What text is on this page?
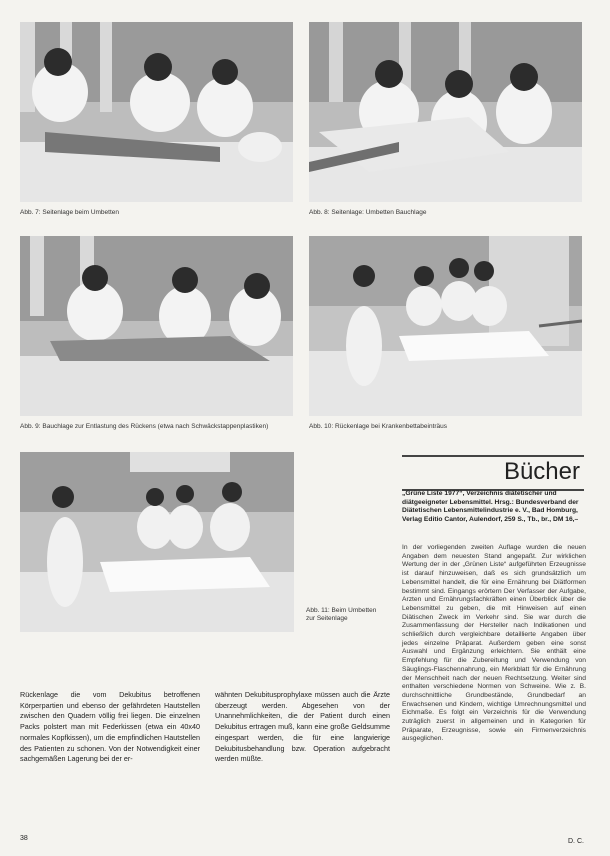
Abb. 7: Seitenlage beim Umbetten	Abb. 8: Seitenlage: Umbetten Bauchlage
Abb. 9: Bauchlage zur Entlastung des Rückens (etwa nach Schwäckstappenplastiken)	Abb. 10: Rückenlage bei Krankenbettabeinträus
Abb. 11: Beim Umbetten zur Seitenlage
Bücher
„Grüne Liste 1977“, Verzeichnis diätetischer und diätgeeigneter Lebensmittel. Hrsg.: Bundesverband der Diätetischen Lebensmittelindustrie e. V., Bad Homburg, Verlag Editio Cantor, Aulendorf, 259 S., Tb., br., DM 16,–
In der vorliegenden zweiten Auflage wurden die neuen Angaben dem neuesten Stand angepaßt. Zur wirklichen Wertung der in der „Grünen Liste“ aufgeführten Erzeugnisse ist darauf hinzuweisen, daß es sich grundsätzlich um Lebensmittel handelt, die für eine Ernährung bei Diätformen bestimmt sind. Eingangs erörtern Der Verfasser der Aufgabe, Arzten und Ernährungsfachkräften einen Überblick über die Lebensmittel zu geben, die mit Hinweisen auf einen Diätischen Zweck im Verkehr sind. Sie war durch die Zusammenfassung der Hersteller nach Indikationen und schließlich durch vergleichbare detaillierte Angaben über jedes einzelne Präparat. Außerdem geben eine sonst Auswahl und Ergänzung erleichtern. Sie enthält eine Empfehlung für die Zubereitung und Verwendung von Säuglings-Flaschennahrung, ein Merkblatt für die Ernährung der Menschheit nach der neuen Rechtsetzung. Weiter sind enthalten verschiedene Normen von Schweine. Wie z. B. durchschnittliche Grundbestände, Grundbedarf an Erwachsenen und Kindern, wichtige Umrechnungsmittel und Eichmaße. Es folgt ein Verzeichnis für die Verwendung zuträglich zuerst in allgemeinen und in Kategorien für Präparate, Erzeugnisse, sowie ein Firmenverzeichnis ausgeglichen.
D. C.
Rückenlage die vom Dekubitus betroffenen Körperpartien und ebenso der gefährdeten Hautstellen zwischen den Quadern völlig frei liegen. Die einzelnen Packs polstert man mit Federkissen (etwa ein 40x40 normales Kopfkissen), um die empfindlichen Hautstellen des Patienten zu schonen. Von der Notwendigkeit einer sachgemäßen Lagerung bei der er-
wähnten Dekubitusprophylaxe müssen auch die Ärzte überzeugt werden. Abgesehen von der Unannehmlichkeiten, die der Patient durch einen Dekubitus ertragen muß, kann eine große Geldsumme eingespart werden, die für eine langwierige Dekubitusbehandlung bzw. Operation aufgebracht werden müßte.
38
